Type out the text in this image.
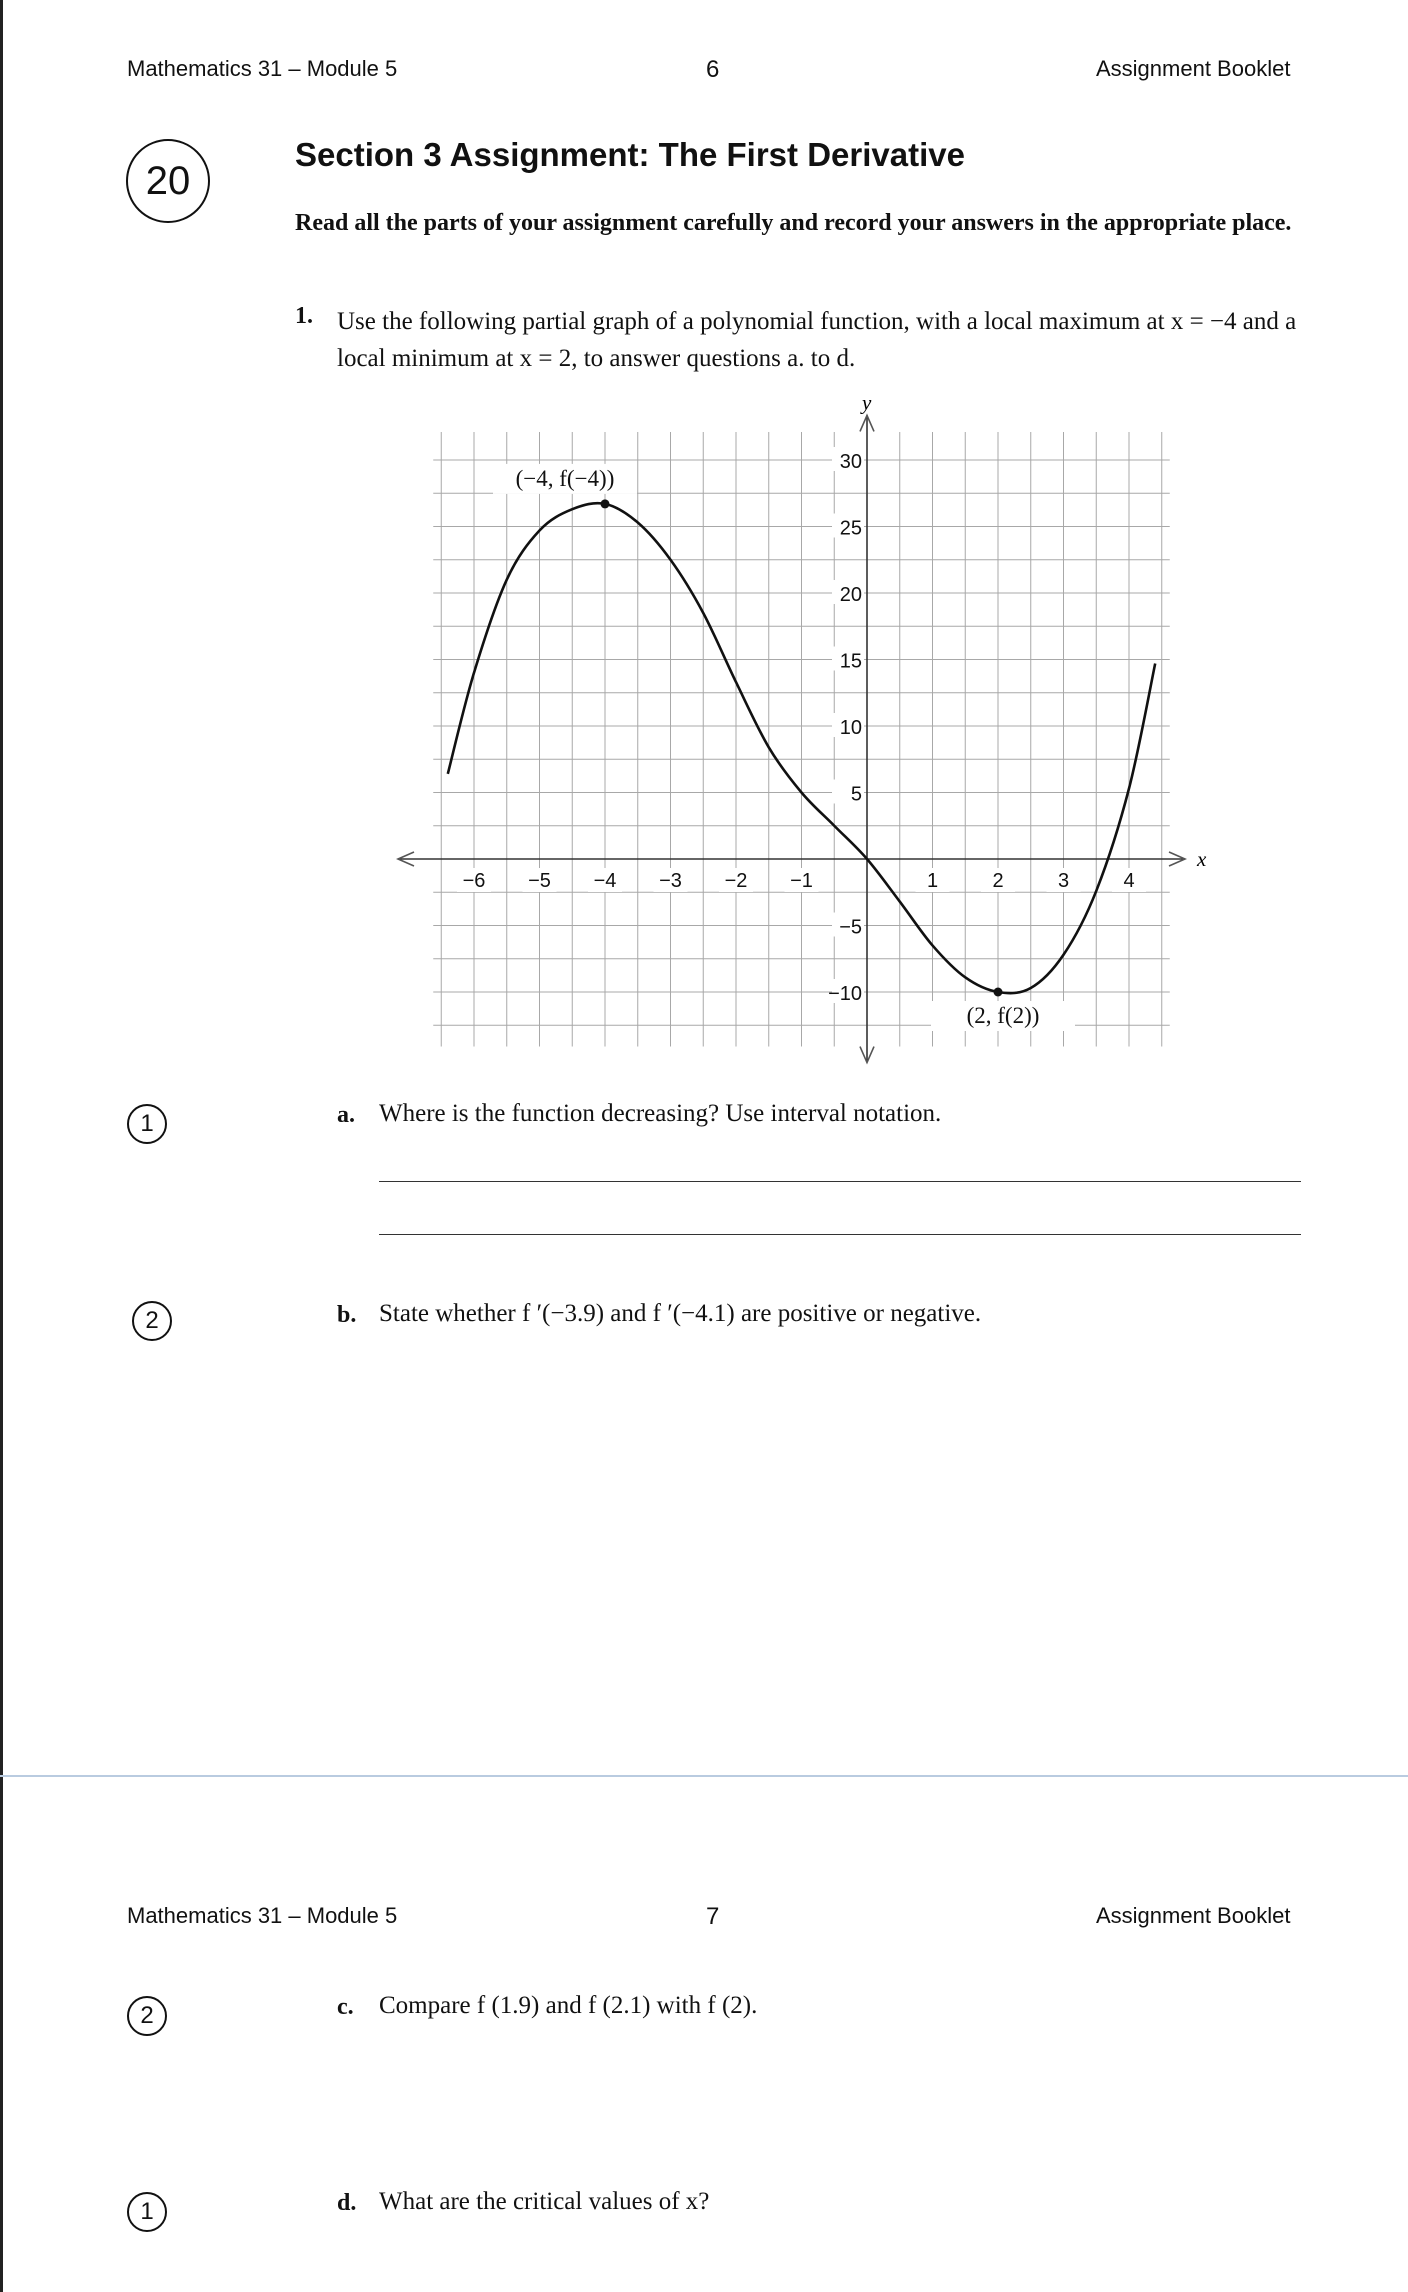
Mathematics 31 – Module 5	6	Assignment Booklet
20
Section 3 Assignment: The First Derivative
Read all the parts of your assignment carefully and record your answers in the appropriate place.
1. Use the following partial graph of a polynomial function, with a local maximum at x = −4 and a local minimum at x = 2, to answer questions a. to d.
x
y
−6 −5 −4 −3 −2 −1	1	2	3	4
−10
−5
5
10
15
20
25
30
(−4, f(−4))
(2, f(2))
1	a. Where is the function decreasing? Use interval notation.
2	b. State whether f ′(−3.9) and f ′(−4.1) are positive or negative.
Mathematics 31 – Module 5	7	Assignment Booklet
2	c. Compare f (1.9) and f (2.1) with f (2).
1	d. What are the critical values of x?
